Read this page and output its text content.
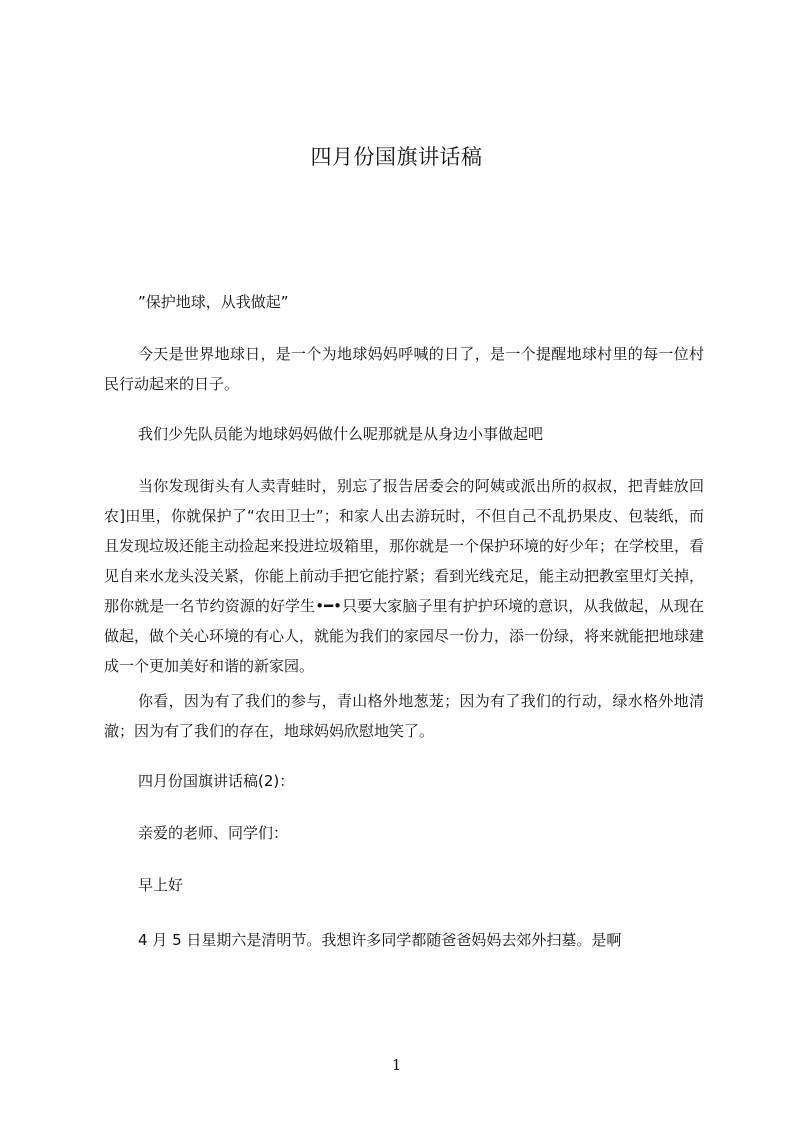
四月份国旗讲话稿

”保护地球，从我做起”

今天是世界地球日，是一个为地球妈妈呼喊的日了，是一个提醒地球村里的每一位村民行动起来的日子。

我们少先队员能为地球妈妈做什么呢那就是从身边小事做起吧

当你发现街头有人卖青蛙时，别忘了报告居委会的阿姨或派出所的叔叔，把青蛙放回农]田里，你就保护了“农田卫士”；和家人出去游玩时，不但自己不乱扔果皮、包装纸，而且发现垃圾还能主动捡起来投进垃圾箱里，那你就是一个保护环境的好少年；在学校里，看见自来水龙头没关紧，你能上前动手把它能拧紧；看到光线充足，能主动把教室里灯关掉，那你就是一名节约资源的好学生•━•只要大家脑子里有护护环境的意识，从我做起，从现在做起，做个关心环境的有心人，就能为我们的家园尽一份力，添一份绿，将来就能把地球建成一个更加美好和谐的新家园。

你看，因为有了我们的参与，青山格外地葱茏；因为有了我们的行动，绿水格外地清澈；因为有了我们的存在，地球妈妈欣慰地笑了。

四月份国旗讲话稿(2)：

亲爱的老师、同学们：

早上好

4 月 5 日星期六是清明节。我想许多同学都随爸爸妈妈去郊外扫墓。是啊

1
